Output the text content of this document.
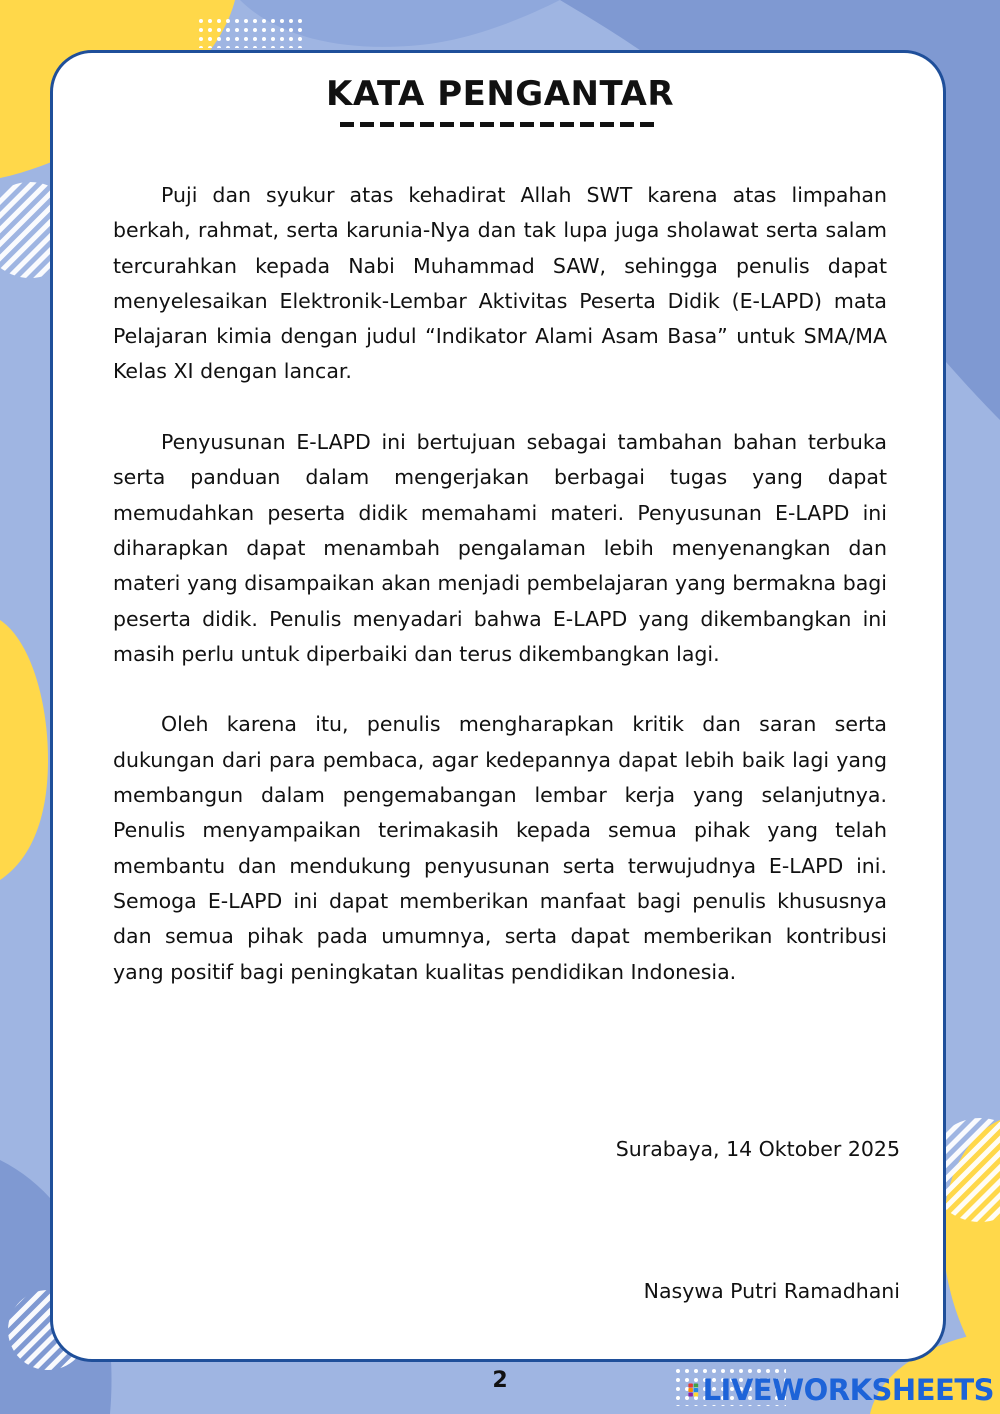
KATA PENGANTAR

Puji dan syukur atas kehadirat Allah SWT karena atas limpahan berkah, rahmat, serta karunia-Nya dan tak lupa juga sholawat serta salam tercurahkan kepada Nabi Muhammad SAW, sehingga penulis dapat menyelesaikan Elektronik-Lembar Aktivitas Peserta Didik (E-LAPD) mata Pelajaran kimia dengan judul “Indikator Alami Asam Basa” untuk SMA/MA Kelas XI dengan lancar.

Penyusunan E-LAPD ini bertujuan sebagai tambahan bahan terbuka serta panduan dalam mengerjakan berbagai tugas yang dapat memudahkan peserta didik memahami materi. Penyusunan E-LAPD ini diharapkan dapat menambah pengalaman lebih menyenangkan dan materi yang disampaikan akan menjadi pembelajaran yang bermakna bagi peserta didik. Penulis menyadari bahwa E-LAPD yang dikembangkan ini masih perlu untuk diperbaiki dan terus dikembangkan lagi.

Oleh karena itu, penulis mengharapkan kritik dan saran serta dukungan dari para pembaca, agar kedepannya dapat lebih baik lagi yang membangun dalam pengemabangan lembar kerja yang selanjutnya. Penulis menyampaikan terimakasih kepada semua pihak yang telah membantu dan mendukung penyusunan serta terwujudnya E-LAPD ini. Semoga E-LAPD ini dapat memberikan manfaat bagi penulis khususnya dan semua pihak pada umumnya, serta dapat memberikan kontribusi yang positif bagi peningkatan kualitas pendidikan Indonesia.

Surabaya, 14 Oktober 2025

Nasywa Putri Ramadhani

2	LIVEWORKSHEETS
